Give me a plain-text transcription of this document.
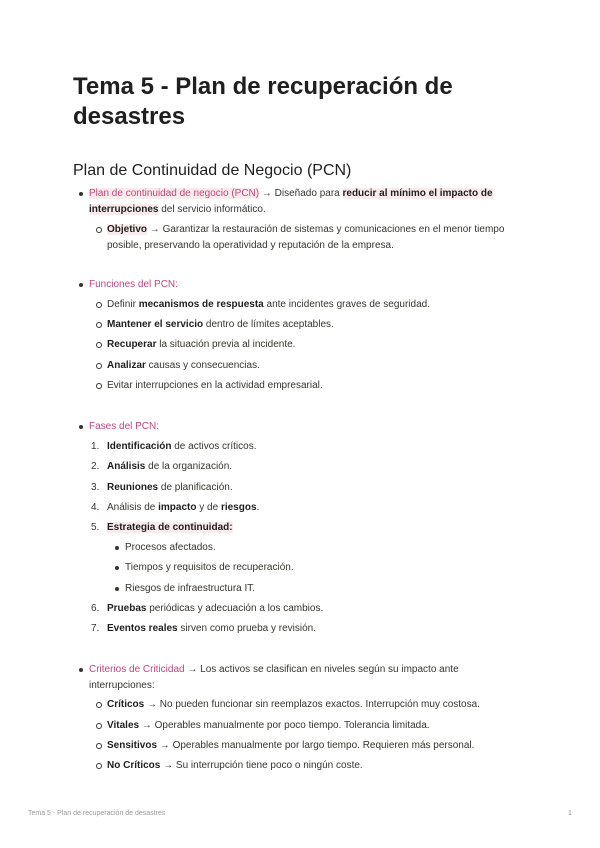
Tema 5 - Plan de recuperación de desastres
Plan de Continuidad de Negocio (PCN)
Plan de continuidad de negocio (PCN) → Diseñado para reducir al mínimo el impacto de interrupciones del servicio informático.
Objetivo → Garantizar la restauración de sistemas y comunicaciones en el menor tiempo posible, preservando la operatividad y reputación de la empresa.
Funciones del PCN:
Definir mecanismos de respuesta ante incidentes graves de seguridad.
Mantener el servicio dentro de límites aceptables.
Recuperar la situación previa al incidente.
Analizar causas y consecuencias.
Evitar interrupciones en la actividad empresarial.
Fases del PCN:
1. Identificación de activos críticos.
2. Análisis de la organización.
3. Reuniones de planificación.
4. Análisis de impacto y de riesgos.
5. Estrategia de continuidad:
Procesos afectados.
Tiempos y requisitos de recuperación.
Riesgos de infraestructura IT.
6. Pruebas periódicas y adecuación a los cambios.
7. Eventos reales sirven como prueba y revisión.
Criterios de Criticidad → Los activos se clasifican en niveles según su impacto ante interrupciones:
Críticos → No pueden funcionar sin reemplazos exactos. Interrupción muy costosa.
Vitales → Operables manualmente por poco tiempo. Tolerancia limitada.
Sensitivos → Operables manualmente por largo tiempo. Requieren más personal.
No Críticos → Su interrupción tiene poco o ningún coste.
Tema 5 - Plan de recuperación de desastres	1
